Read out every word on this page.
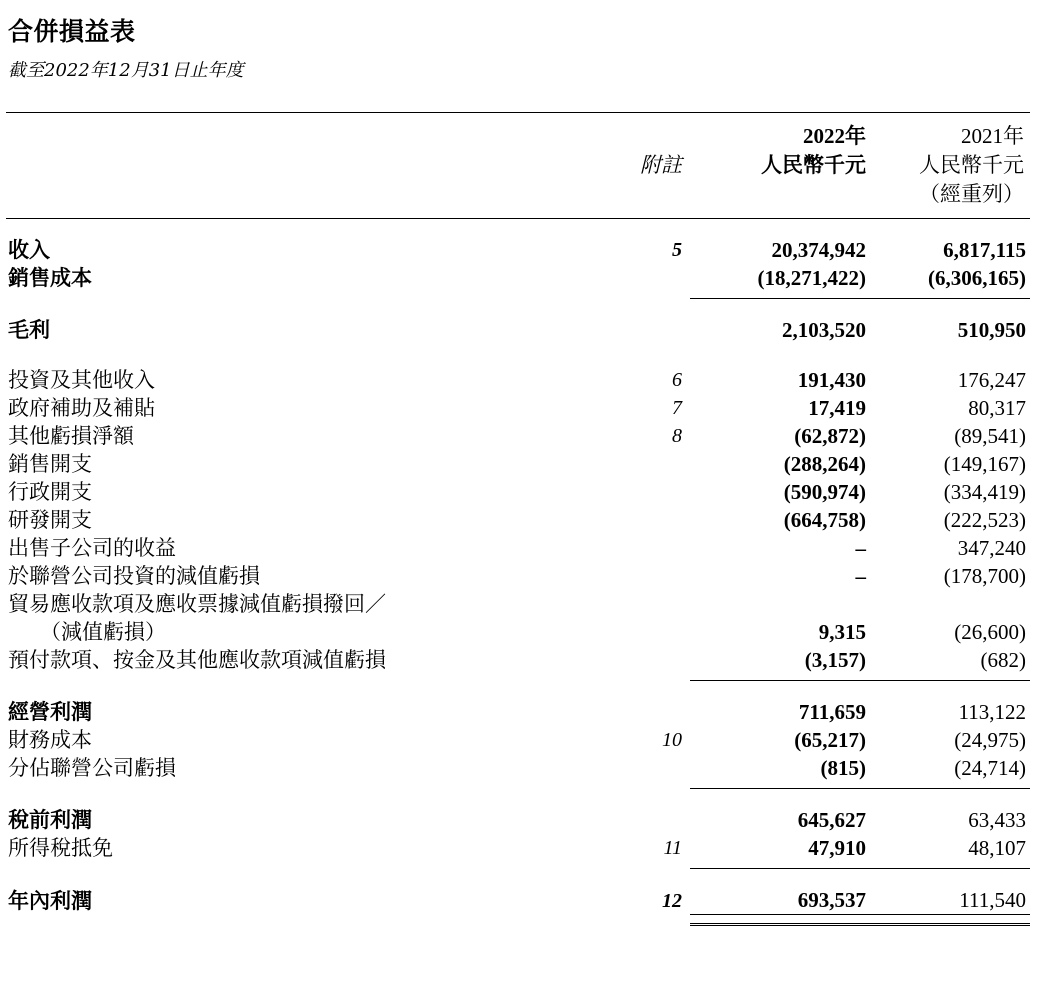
合併損益表
截至2022年12月31日止年度

		2022年	2021年
	附註	人民幣千元	人民幣千元
			（經重列）

收入	5	20,374,942	6,817,115
銷售成本		(18,271,422)	(6,306,165)

毛利		2,103,520	510,950

投資及其他收入	6	191,430	176,247
政府補助及補貼	7	17,419	80,317
其他虧損淨額	8	(62,872)	(89,541)
銷售開支		(288,264)	(149,167)
行政開支		(590,974)	(334,419)
研發開支		(664,758)	(222,523)
出售子公司的收益		–	347,240
於聯營公司投資的減值虧損		–	(178,700)
貿易應收款項及應收票據減值虧損撥回／			
（減值虧損）		9,315	(26,600)
預付款項、按金及其他應收款項減值虧損		(3,157)	(682)

經營利潤		711,659	113,122
財務成本	10	(65,217)	(24,975)
分佔聯營公司虧損		(815)	(24,714)

稅前利潤		645,627	63,433
所得稅抵免	11	47,910	48,107

年內利潤	12	693,537	111,540
